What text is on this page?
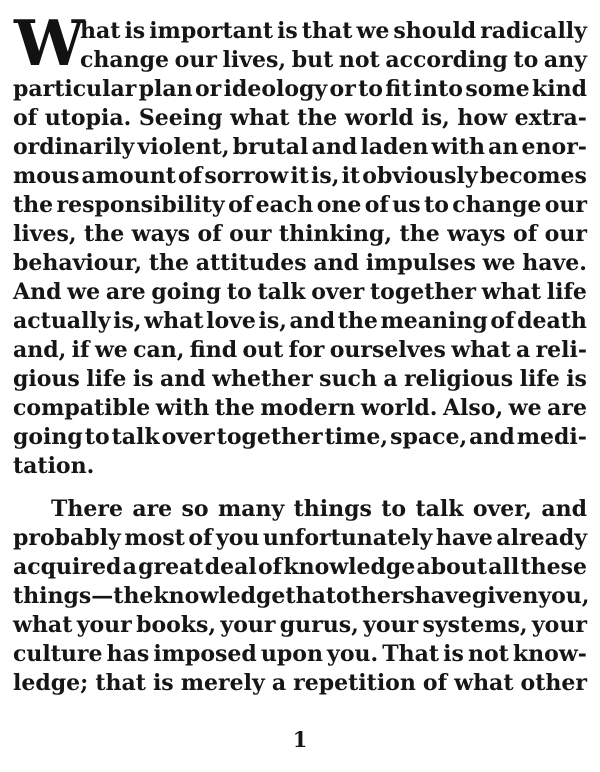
W
hat is important is that we should radically
change our lives, but not according to any
particular plan or ideology or to fit into some kind
of utopia. Seeing what the world is, how extra-
ordinarily violent, brutal and laden with an enor-
mous amount of sorrow it is, it obviously becomes
the responsibility of each one of us to change our
lives, the ways of our thinking, the ways of our
behaviour, the attitudes and impulses we have.
And we are going to talk over together what life
actually is, what love is, and the meaning of death
and, if we can, find out for ourselves what a reli-
gious life is and whether such a religious life is
compatible with the modern world. Also, we are
going to talk over together time, space, and medi-
tation.
There are so many things to talk over, and
probably most of you unfortunately have already
acquired a great deal of knowledge about all these
things—the knowledge that others have given you,
what your books, your gurus, your systems, your
culture has imposed upon you. That is not know-
ledge; that is merely a repetition of what other
1
